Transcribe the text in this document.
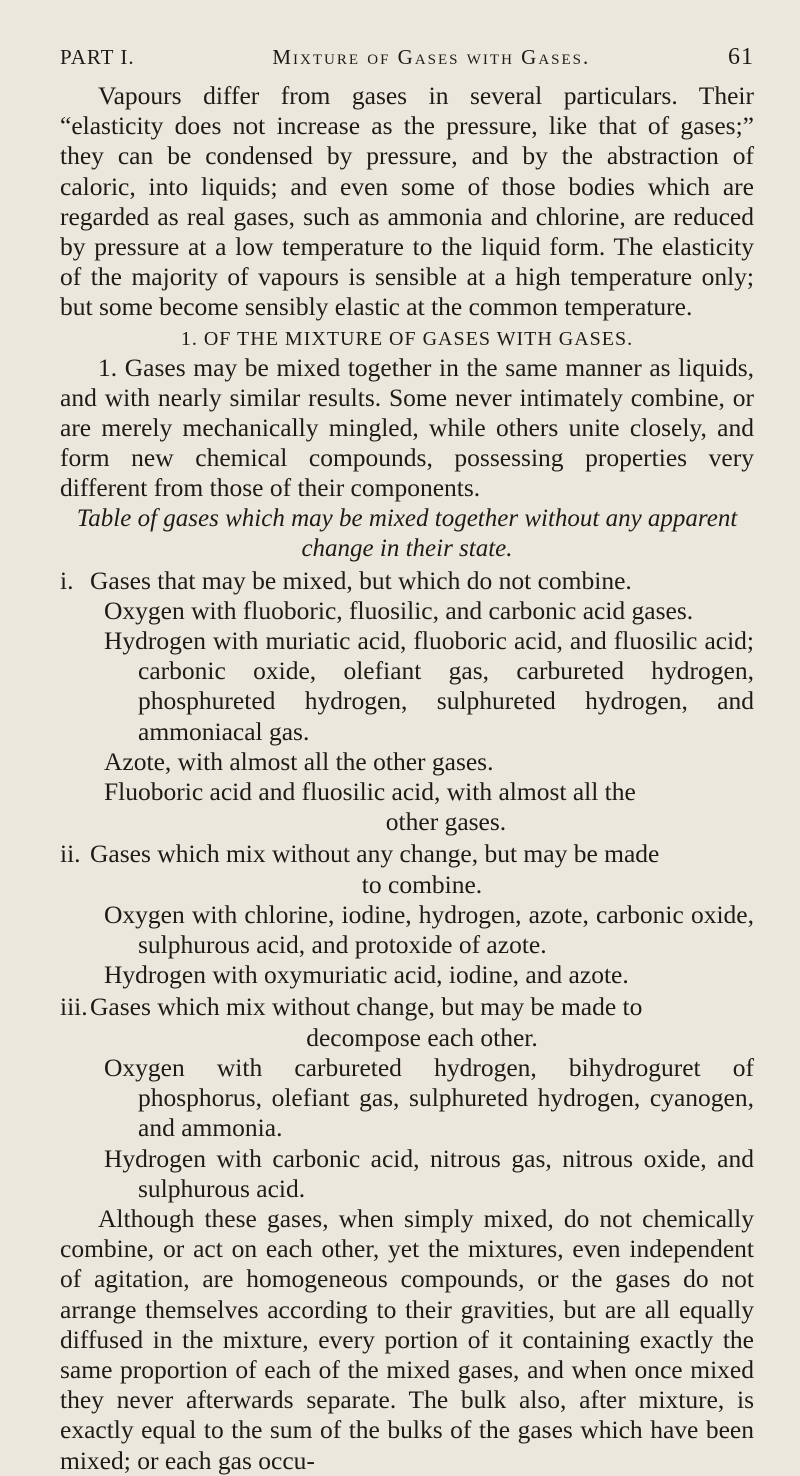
PART I.	Mixture of Gases with Gases.	61

Vapours differ from gases in several particulars. Their “elasticity does not increase as the pressure, like that of gases;” they can be condensed by pressure, and by the abstraction of caloric, into liquids; and even some of those bodies which are regarded as real gases, such as ammonia and chlorine, are reduced by pressure at a low temperature to the liquid form. The elasticity of the majority of vapours is sensible at a high temperature only; but some become sensibly elastic at the common temperature.

1. OF THE MIXTURE OF GASES WITH GASES.

1. Gases may be mixed together in the same manner as liquids, and with nearly similar results. Some never intimately combine, or are merely mechanically mingled, while others unite closely, and form new chemical compounds, possessing properties very different from those of their components.

Table of gases which may be mixed together without any apparent change in their state.
i. Gases that may be mixed, but which do not combine.
Oxygen with fluoboric, fluosilic, and carbonic acid gases.
Hydrogen with muriatic acid, fluoboric acid, and fluosilic acid; carbonic oxide, olefiant gas, carbureted hydrogen, phosphureted hydrogen, sulphureted hydrogen, and ammoniacal gas.
Azote, with almost all the other gases.
Fluoboric acid and fluosilic acid, with almost all the
other gases.
ii. Gases which mix without any change, but may be made
to combine.
Oxygen with chlorine, iodine, hydrogen, azote, carbonic oxide, sulphurous acid, and protoxide of azote.
Hydrogen with oxymuriatic acid, iodine, and azote.
iii. Gases which mix without change, but may be made to
decompose each other.
Oxygen with carbureted hydrogen, bihydroguret of phosphorus, olefiant gas, sulphureted hydrogen, cyanogen, and ammonia.
Hydrogen with carbonic acid, nitrous gas, nitrous oxide, and sulphurous acid.

Although these gases, when simply mixed, do not chemically combine, or act on each other, yet the mixtures, even independent of agitation, are homogeneous compounds, or the gases do not arrange themselves according to their gravities, but are all equally diffused in the mixture, every portion of it containing exactly the same proportion of each of the mixed gases, and when once mixed they never afterwards separate. The bulk also, after mixture, is exactly equal to the sum of the bulks of the gases which have been mixed; or each gas occu-
